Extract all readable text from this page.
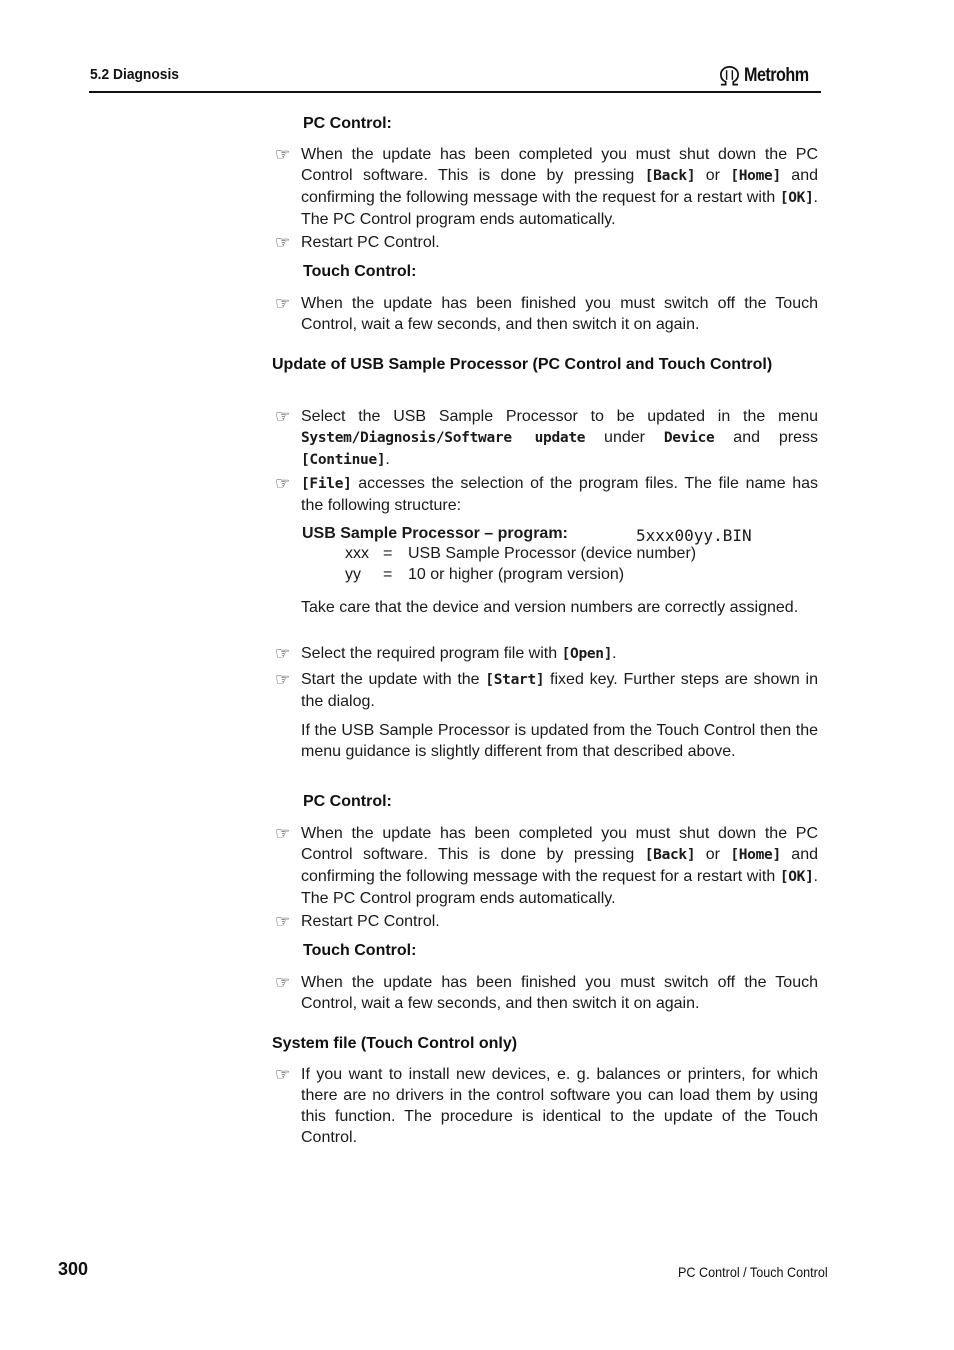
5.2 Diagnosis	Metrohm
PC Control:
☞ When the update has been completed you must shut down the PC Control software. This is done by pressing [Back] or [Home] and confirming the following message with the request for a restart with [OK]. The PC Control program ends automatically.
☞ Restart PC Control.
Touch Control:
☞ When the update has been finished you must switch off the Touch Control, wait a few seconds, and then switch it on again.
Update of USB Sample Processor (PC Control and Touch Control)
☞ Select the USB Sample Processor to be updated in the menu System/Diagnosis/Software update under Device and press [Continue].
☞ [File] accesses the selection of the program files. The file name has the following structure:
USB Sample Processor – program:	5xxx00yy.BIN
xxx = USB Sample Processor (device number)
yy = 10 or higher (program version)
Take care that the device and version numbers are correctly assigned.
☞ Select the required program file with [Open].
☞ Start the update with the [Start] fixed key. Further steps are shown in the dialog.
If the USB Sample Processor is updated from the Touch Control then the menu guidance is slightly different from that described above.
PC Control:
☞ When the update has been completed you must shut down the PC Control software. This is done by pressing [Back] or [Home] and confirming the following message with the request for a restart with [OK]. The PC Control program ends automatically.
☞ Restart PC Control.
Touch Control:
☞ When the update has been finished you must switch off the Touch Control, wait a few seconds, and then switch it on again.
System file (Touch Control only)
☞ If you want to install new devices, e. g. balances or printers, for which there are no drivers in the control software you can load them by using this function. The procedure is identical to the update of the Touch Control.
300	PC Control / Touch Control
